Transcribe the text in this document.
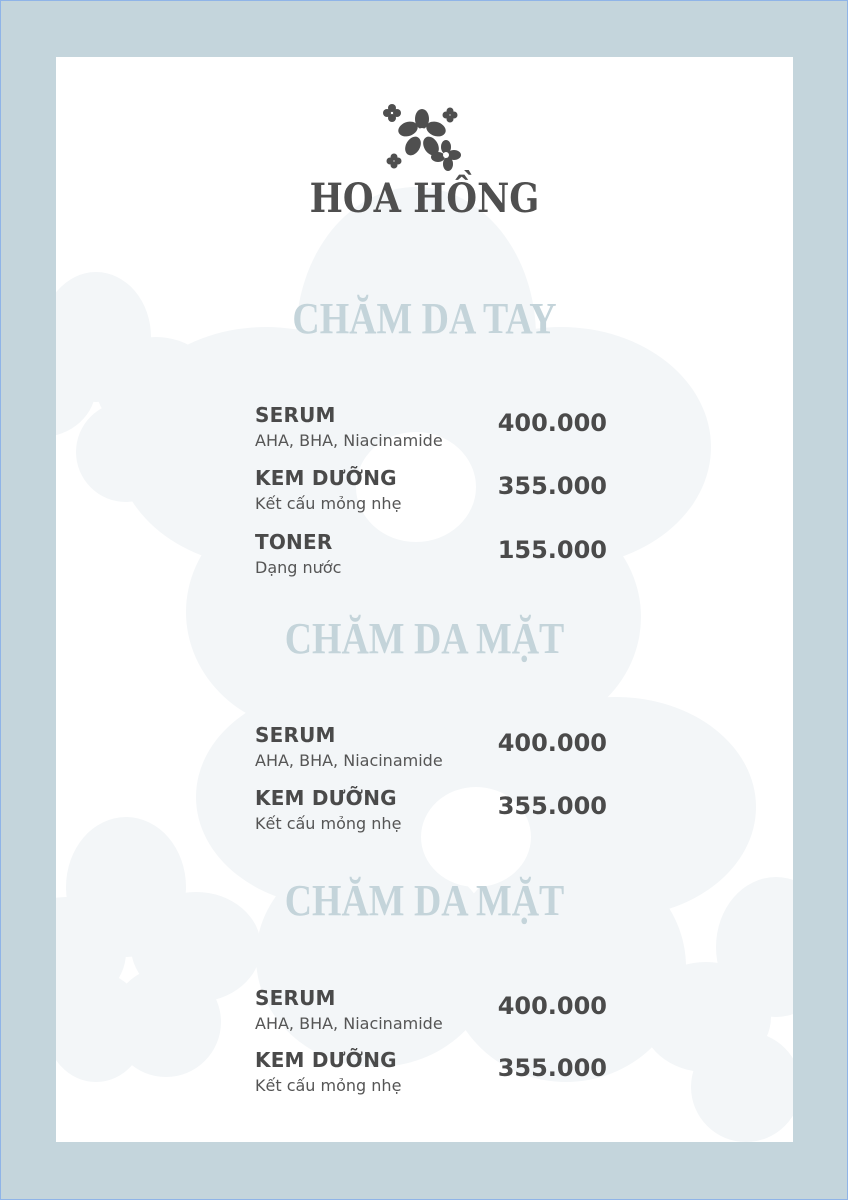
HOA HỒNG
CHĂM DA TAY
SERUM
AHA, BHA, Niacinamide
400.000
KEM DƯỠNG
Kết cấu mỏng nhẹ
355.000
TONER
Dạng nước
155.000
CHĂM DA MẶT
SERUM
AHA, BHA, Niacinamide
400.000
KEM DƯỠNG
Kết cấu mỏng nhẹ
355.000
CHĂM DA MẶT
SERUM
AHA, BHA, Niacinamide
400.000
KEM DƯỠNG
Kết cấu mỏng nhẹ
355.000
